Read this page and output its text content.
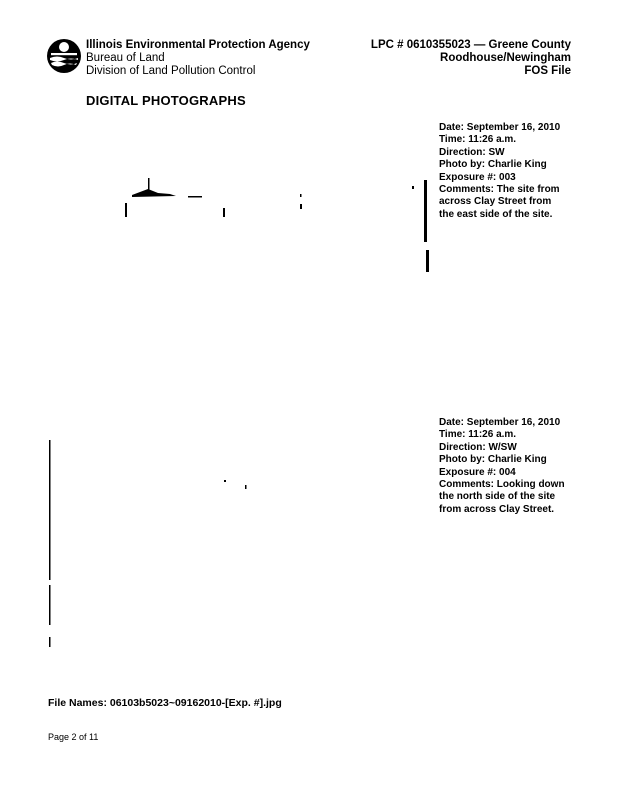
Illinois Environmental Protection Agency
Bureau of Land
Division of Land Pollution Control
LPC # 0610355023 — Greene County
Roodhouse/Newingham
FOS File
DIGITAL PHOTOGRAPHS
Date: September 16, 2010
Time: 11:26 a.m.
Direction: SW
Photo by: Charlie King
Exposure #: 003
Comments: The site from across Clay Street from the east side of the site.
Date: September 16, 2010
Time: 11:26 a.m.
Direction: W/SW
Photo by: Charlie King
Exposure #: 004
Comments: Looking down the north side of the site from across Clay Street.
File Names: 06103b5023~09162010-[Exp. #].jpg
Page 2 of 11
